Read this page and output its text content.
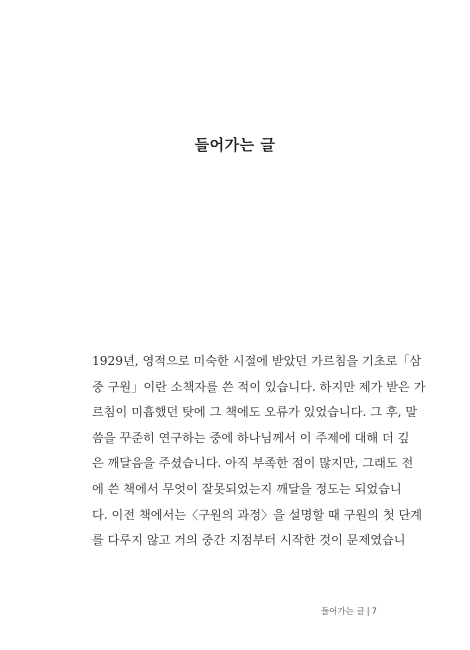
들어가는 글
1929년, 영적으로 미숙한 시절에 받았던 가르침을 기초로「삼
중 구원」이란 소책자를 쓴 적이 있습니다. 하지만 제가 받은 가
르침이 미흡했던 탓에 그 책에도 오류가 있었습니다. 그 후, 말
씀을 꾸준히 연구하는 중에 하나님께서 이 주제에 대해 더 깊
은 깨달음을 주셨습니다. 아직 부족한 점이 많지만, 그래도 전
에 쓴 책에서 무엇이 잘못되었는지 깨달을 정도는 되었습니
다. 이전 책에서는〈구원의 과정〉을 설명할 때 구원의 첫 단계
를 다루지 않고 거의 중간 지점부터 시작한 것이 문제였습니
들어가는 글 | 7
